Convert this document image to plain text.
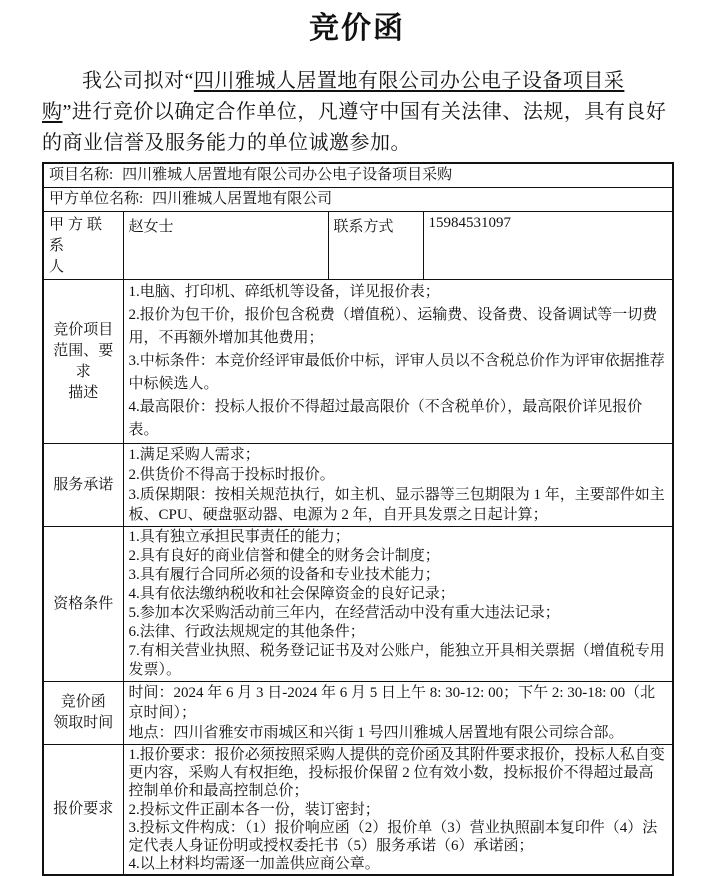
竞价函

我公司拟对“四川雅城人居置地有限公司办公电子设备项目采购”进行竞价以确定合作单位，凡遵守中国有关法律、法规，具有良好的商业信誉及服务能力的单位诚邀参加。

项目名称: 四川雅城人居置地有限公司办公电子设备项目采购			
甲方单位名称: 四川雅城人居置地有限公司			

甲方联系
人	赵女士	联系方式	15984531097

竞价项目
范围、要求
描述

1.电脑、打印机、碎纸机等设备，详见报价表；
2.报价为包干价，报价包含税费（增值税）、运输费、设备费、设备调试等一切费用，不再额外增加其他费用；
3.中标条件：本竞价经评审最低价中标，评审人员以不含税总价作为评审依据推荐中标候选人。
4.最高限价：投标人报价不得超过最高限价（不含税单价），最高限价详见报价表。

服务承诺	1.满足采购人需求；
2.供货价不得高于投标时报价。
3.质保期限：按相关规范执行，如主机、显示器等三包期限为 1 年，主要部件如主板、CPU、硬盘驱动器、电源为 2 年，自开具发票之日起计算；		

资格条件

1.具有独立承担民事责任的能力；
2.具有良好的商业信誉和健全的财务会计制度；
3.具有履行合同所必须的设备和专业技术能力；
4.具有依法缴纳税收和社会保障资金的良好记录；
5.参加本次采购活动前三年内，在经营活动中没有重大违法记录；
6.法律、行政法规规定的其他条件；
7.有相关营业执照、税务登记证书及对公账户，能独立开具相关票据（增值税专用发票）。

竞价函
领取时间

时间：2024 年 6 月 3 日-2024 年 6 月 5 日上午 8: 30-12: 00；下午 2: 30-18: 00（北京时间）；
地点：四川省雅安市雨城区和兴街 1 号四川雅城人居置地有限公司综合部。

报价要求	1.报价要求：报价必须按照采购人提供的竞价函及其附件要求报价，投标人私自变更内容，采购人有权拒绝，投标报价保留 2 位有效小数，投标报价不得超过最高控制单价和最高控制总价；
2.投标文件正副本各一份，装订密封；
3.投标文件构成：（1）报价响应函（2）报价单（3）营业执照副本复印件（4）法定代表人身证份明或授权委托书（5）服务承诺（6）承诺函；
4.以上材料均需逐一加盖供应商公章。		
